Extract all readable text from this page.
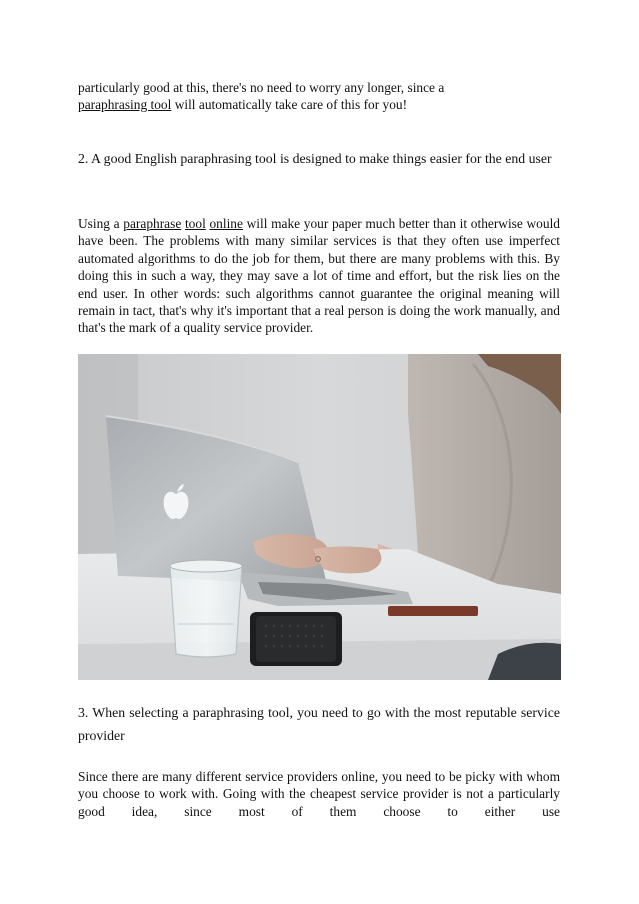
particularly good at this, there's no need to worry any longer, since a
paraphrasing tool will automatically take care of this for you!

2. A good English paraphrasing tool is designed to make things easier for the end user

Using a paraphrase tool online will make your paper much better than it otherwise would have been. The problems with many similar services is that they often use imperfect automated algorithms to do the job for them, but there are many problems with this. By doing this in such a way, they may save a lot of time and effort, but the risk lies on the end user. In other words: such algorithms cannot guarantee the original meaning will remain in tact, that's why it's important that a real person is doing the work manually, and that's the mark of a quality service provider.

3. When selecting a paraphrasing tool, you need to go with the most reputable service provider

Since there are many different service providers online, you need to be picky with whom you choose to work with. Going with the cheapest service provider is not a particularly good idea, since most of them choose to either use
